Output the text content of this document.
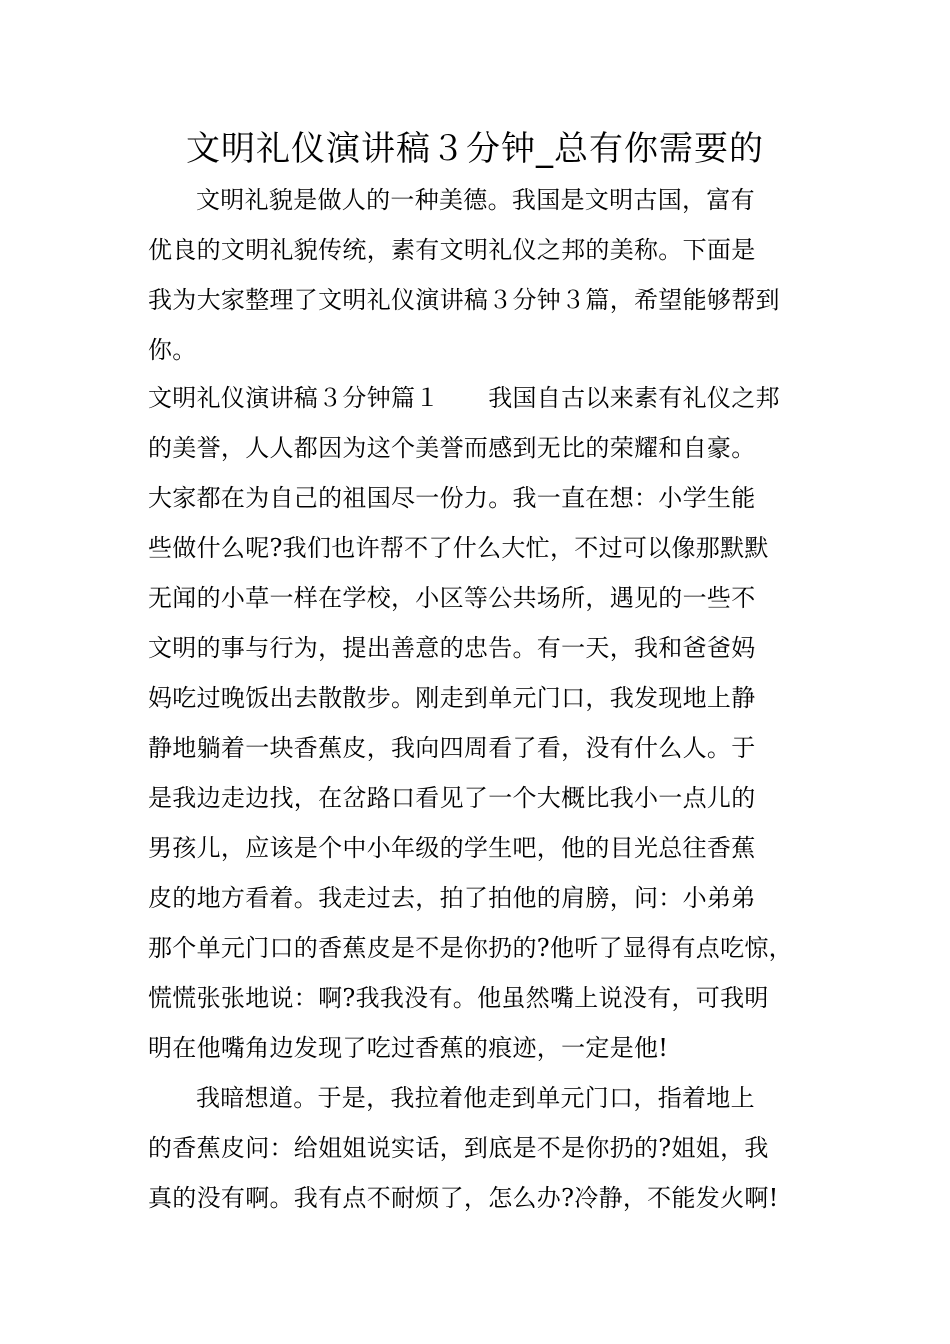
文明礼仪演讲稿３分钟_总有你需要的
文明礼貌是做人的一种美德。我国是文明古国，富有
优良的文明礼貌传统，素有文明礼仪之邦的美称。下面是
我为大家整理了文明礼仪演讲稿３分钟３篇，希望能够帮到
你。
文明礼仪演讲稿３分钟篇１　　我国自古以来素有礼仪之邦
的美誉，人人都因为这个美誉而感到无比的荣耀和自豪。
大家都在为自己的祖国尽一份力。我一直在想：小学生能
些做什么呢?我们也许帮不了什么大忙，不过可以像那默默
无闻的小草一样在学校，小区等公共场所，遇见的一些不
文明的事与行为，提出善意的忠告。有一天，我和爸爸妈
妈吃过晚饭出去散散步。刚走到单元门口，我发现地上静
静地躺着一块香蕉皮，我向四周看了看，没有什么人。于
是我边走边找，在岔路口看见了一个大概比我小一点儿的
男孩儿，应该是个中小年级的学生吧，他的目光总往香蕉
皮的地方看着。我走过去，拍了拍他的肩膀，问：小弟弟
那个单元门口的香蕉皮是不是你扔的?他听了显得有点吃惊，
慌慌张张地说：啊?我我没有。他虽然嘴上说没有，可我明
明在他嘴角边发现了吃过香蕉的痕迹，一定是他!
我暗想道。于是，我拉着他走到单元门口，指着地上
的香蕉皮问：给姐姐说实话，到底是不是你扔的?姐姐，我
真的没有啊。我有点不耐烦了，怎么办?冷静，不能发火啊!
